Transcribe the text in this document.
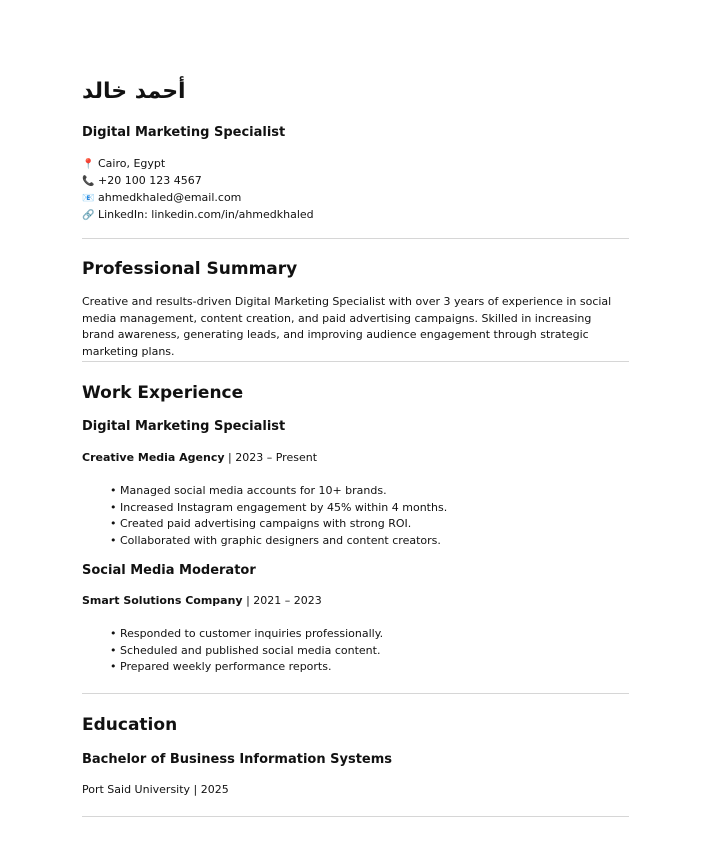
أحمد خالد
Digital Marketing Specialist
📍 Cairo, Egypt
📞 +20 100 123 4567
📧 ahmedkhaled@email.com
🔗 LinkedIn: linkedin.com/in/ahmedkhaled
Professional Summary
Creative and results-driven Digital Marketing Specialist with over 3 years of experience in social media management, content creation, and paid advertising campaigns. Skilled in increasing brand awareness, generating leads, and improving audience engagement through strategic marketing plans.
Work Experience
Digital Marketing Specialist
Creative Media Agency | 2023 – Present
• Managed social media accounts for 10+ brands.
• Increased Instagram engagement by 45% within 4 months.
• Created paid advertising campaigns with strong ROI.
• Collaborated with graphic designers and content creators.
Social Media Moderator
Smart Solutions Company | 2021 – 2023
• Responded to customer inquiries professionally.
• Scheduled and published social media content.
• Prepared weekly performance reports.
Education
Bachelor of Business Information Systems
Port Said University | 2025
